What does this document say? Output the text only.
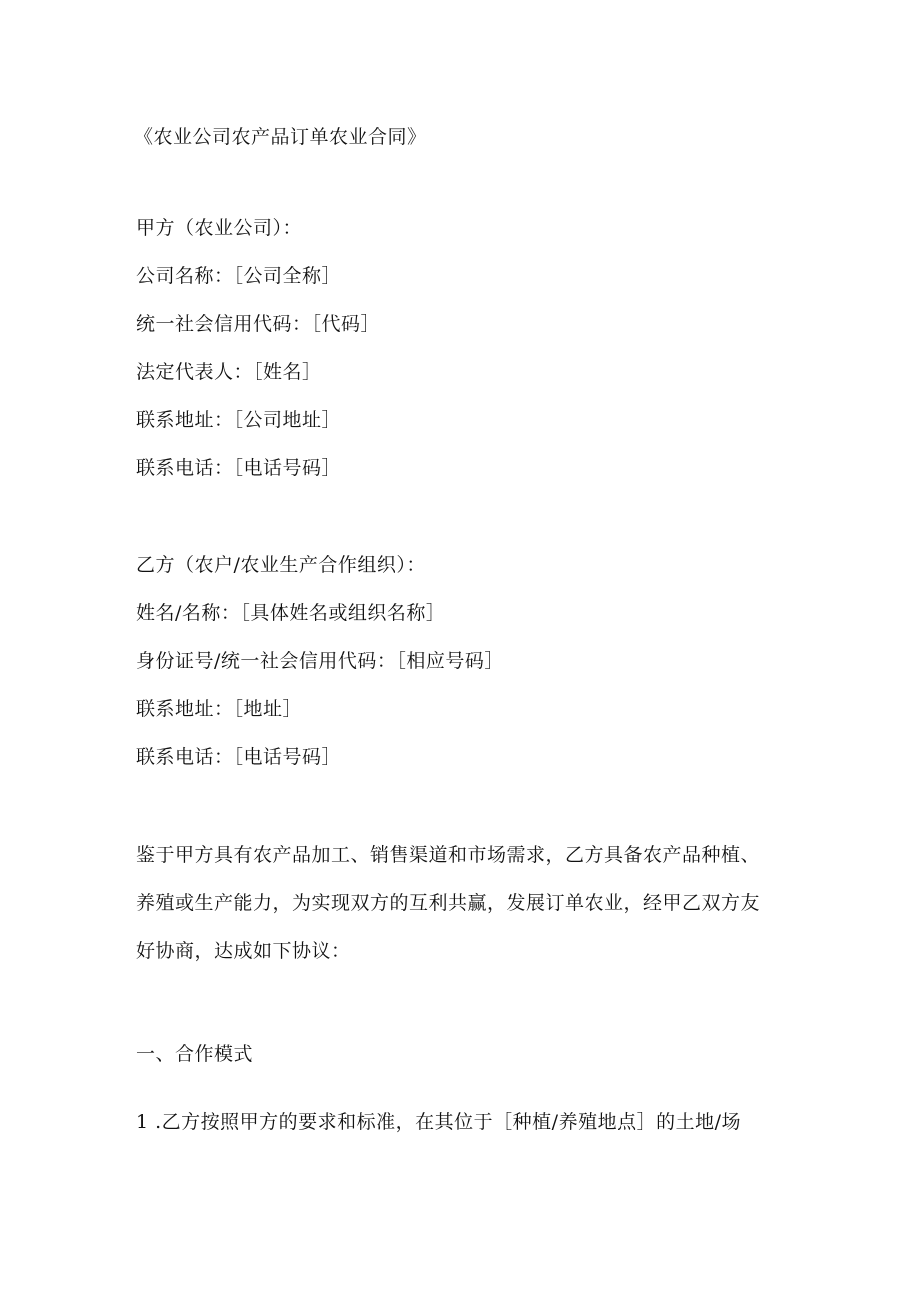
《农业公司农产品订单农业合同》
甲方（农业公司）：
公司名称：［公司全称］
统一社会信用代码：［代码］
法定代表人：［姓名］
联系地址：［公司地址］
联系电话：［电话号码］
乙方（农户/农业生产合作组织）：
姓名/名称：［具体姓名或组织名称］
身份证号/统一社会信用代码：［相应号码］
联系地址：［地址］
联系电话：［电话号码］
鉴于甲方具有农产品加工、销售渠道和市场需求，乙方具备农产品种植、
养殖或生产能力，为实现双方的互利共赢，发展订单农业，经甲乙双方友
好协商，达成如下协议：
一、合作模式
1 .乙方按照甲方的要求和标准，在其位于［种植/养殖地点］的土地/场
